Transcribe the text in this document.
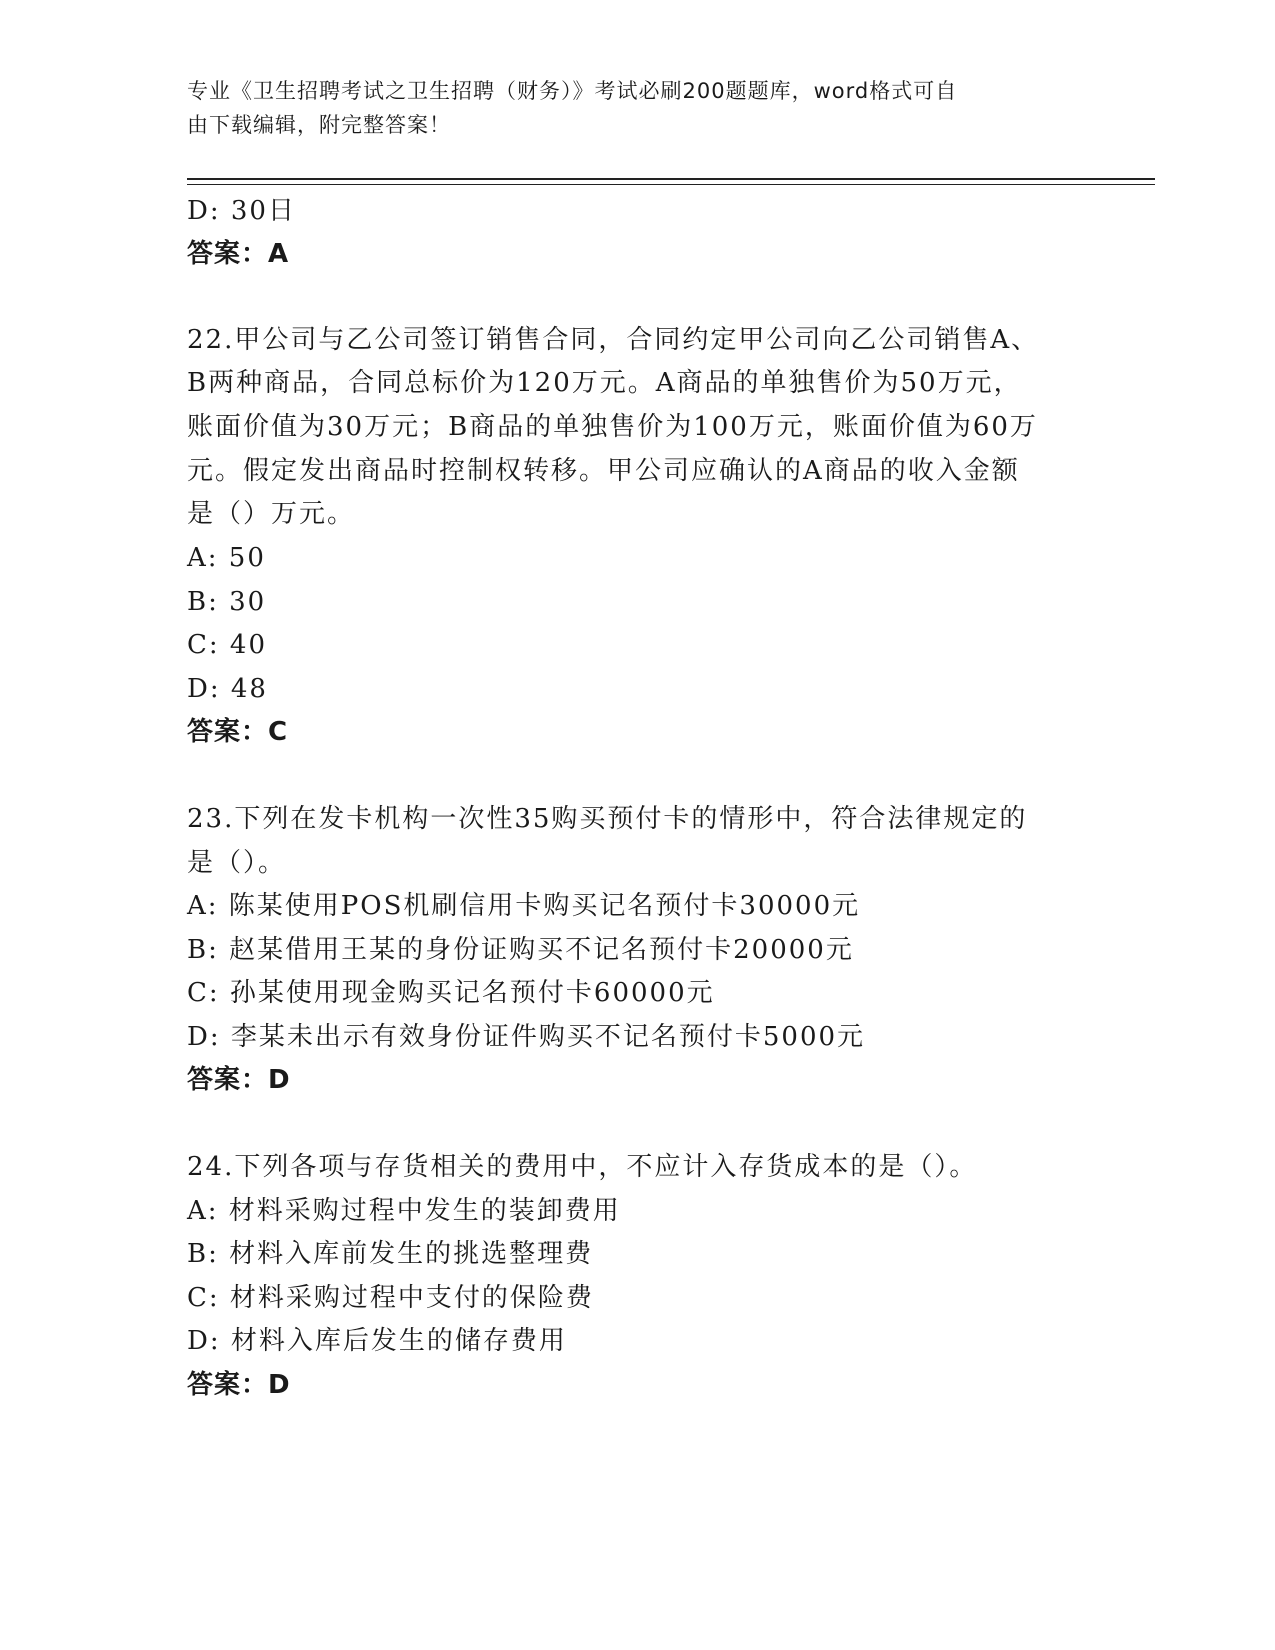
专业《卫生招聘考试之卫生招聘（财务）》考试必刷200题题库，word格式可自
由下载编辑，附完整答案！
D: 30日
答案：A
22.甲公司与乙公司签订销售合同，合同约定甲公司向乙公司销售A、
B两种商品，合同总标价为120万元。A商品的单独售价为50万元，
账面价值为30万元；B商品的单独售价为100万元，账面价值为60万
元。假定发出商品时控制权转移。甲公司应确认的A商品的收入金额
是（）万元。
A: 50
B: 30
C: 40
D: 48
答案：C
23.下列在发卡机构一次性35购买预付卡的情形中，符合法律规定的
是（）。
A: 陈某使用POS机刷信用卡购买记名预付卡30000元
B: 赵某借用王某的身份证购买不记名预付卡20000元
C: 孙某使用现金购买记名预付卡60000元
D: 李某未出示有效身份证件购买不记名预付卡5000元
答案：D
24.下列各项与存货相关的费用中，不应计入存货成本的是（）。
A: 材料采购过程中发生的装卸费用
B: 材料入库前发生的挑选整理费
C: 材料采购过程中支付的保险费
D: 材料入库后发生的储存费用
答案：D
